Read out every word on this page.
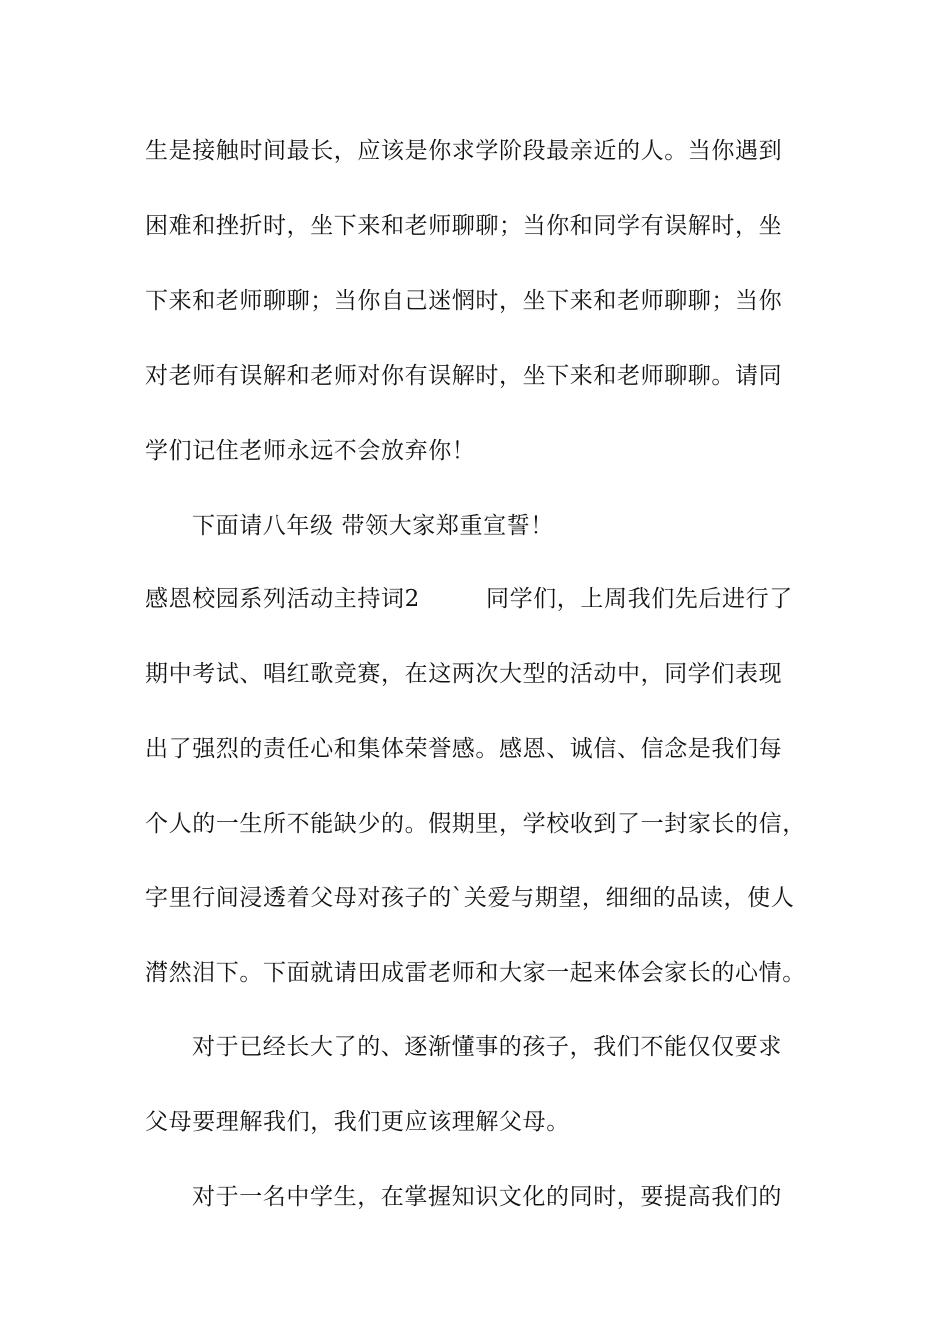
生是接触时间最长，应该是你求学阶段最亲近的人。当你遇到
困难和挫折时，坐下来和老师聊聊；当你和同学有误解时，坐
下来和老师聊聊；当你自己迷惘时，坐下来和老师聊聊；当你
对老师有误解和老师对你有误解时，坐下来和老师聊聊。请同
学们记住老师永远不会放弃你！
下面请八年级 带领大家郑重宣誓！
感恩校园系列活动主持词2	同学们，上周我们先后进行了
期中考试、唱红歌竞赛，在这两次大型的活动中，同学们表现
出了强烈的责任心和集体荣誉感。感恩、诚信、信念是我们每
个人的一生所不能缺少的。假期里，学校收到了一封家长的信，
字里行间浸透着父母对孩子的`关爱与期望，细细的品读，使人
潸然泪下。下面就请田成雷老师和大家一起来体会家长的心情。
对于已经长大了的、逐渐懂事的孩子，我们不能仅仅要求
父母要理解我们，我们更应该理解父母。
对于一名中学生，在掌握知识文化的同时，要提高我们的
